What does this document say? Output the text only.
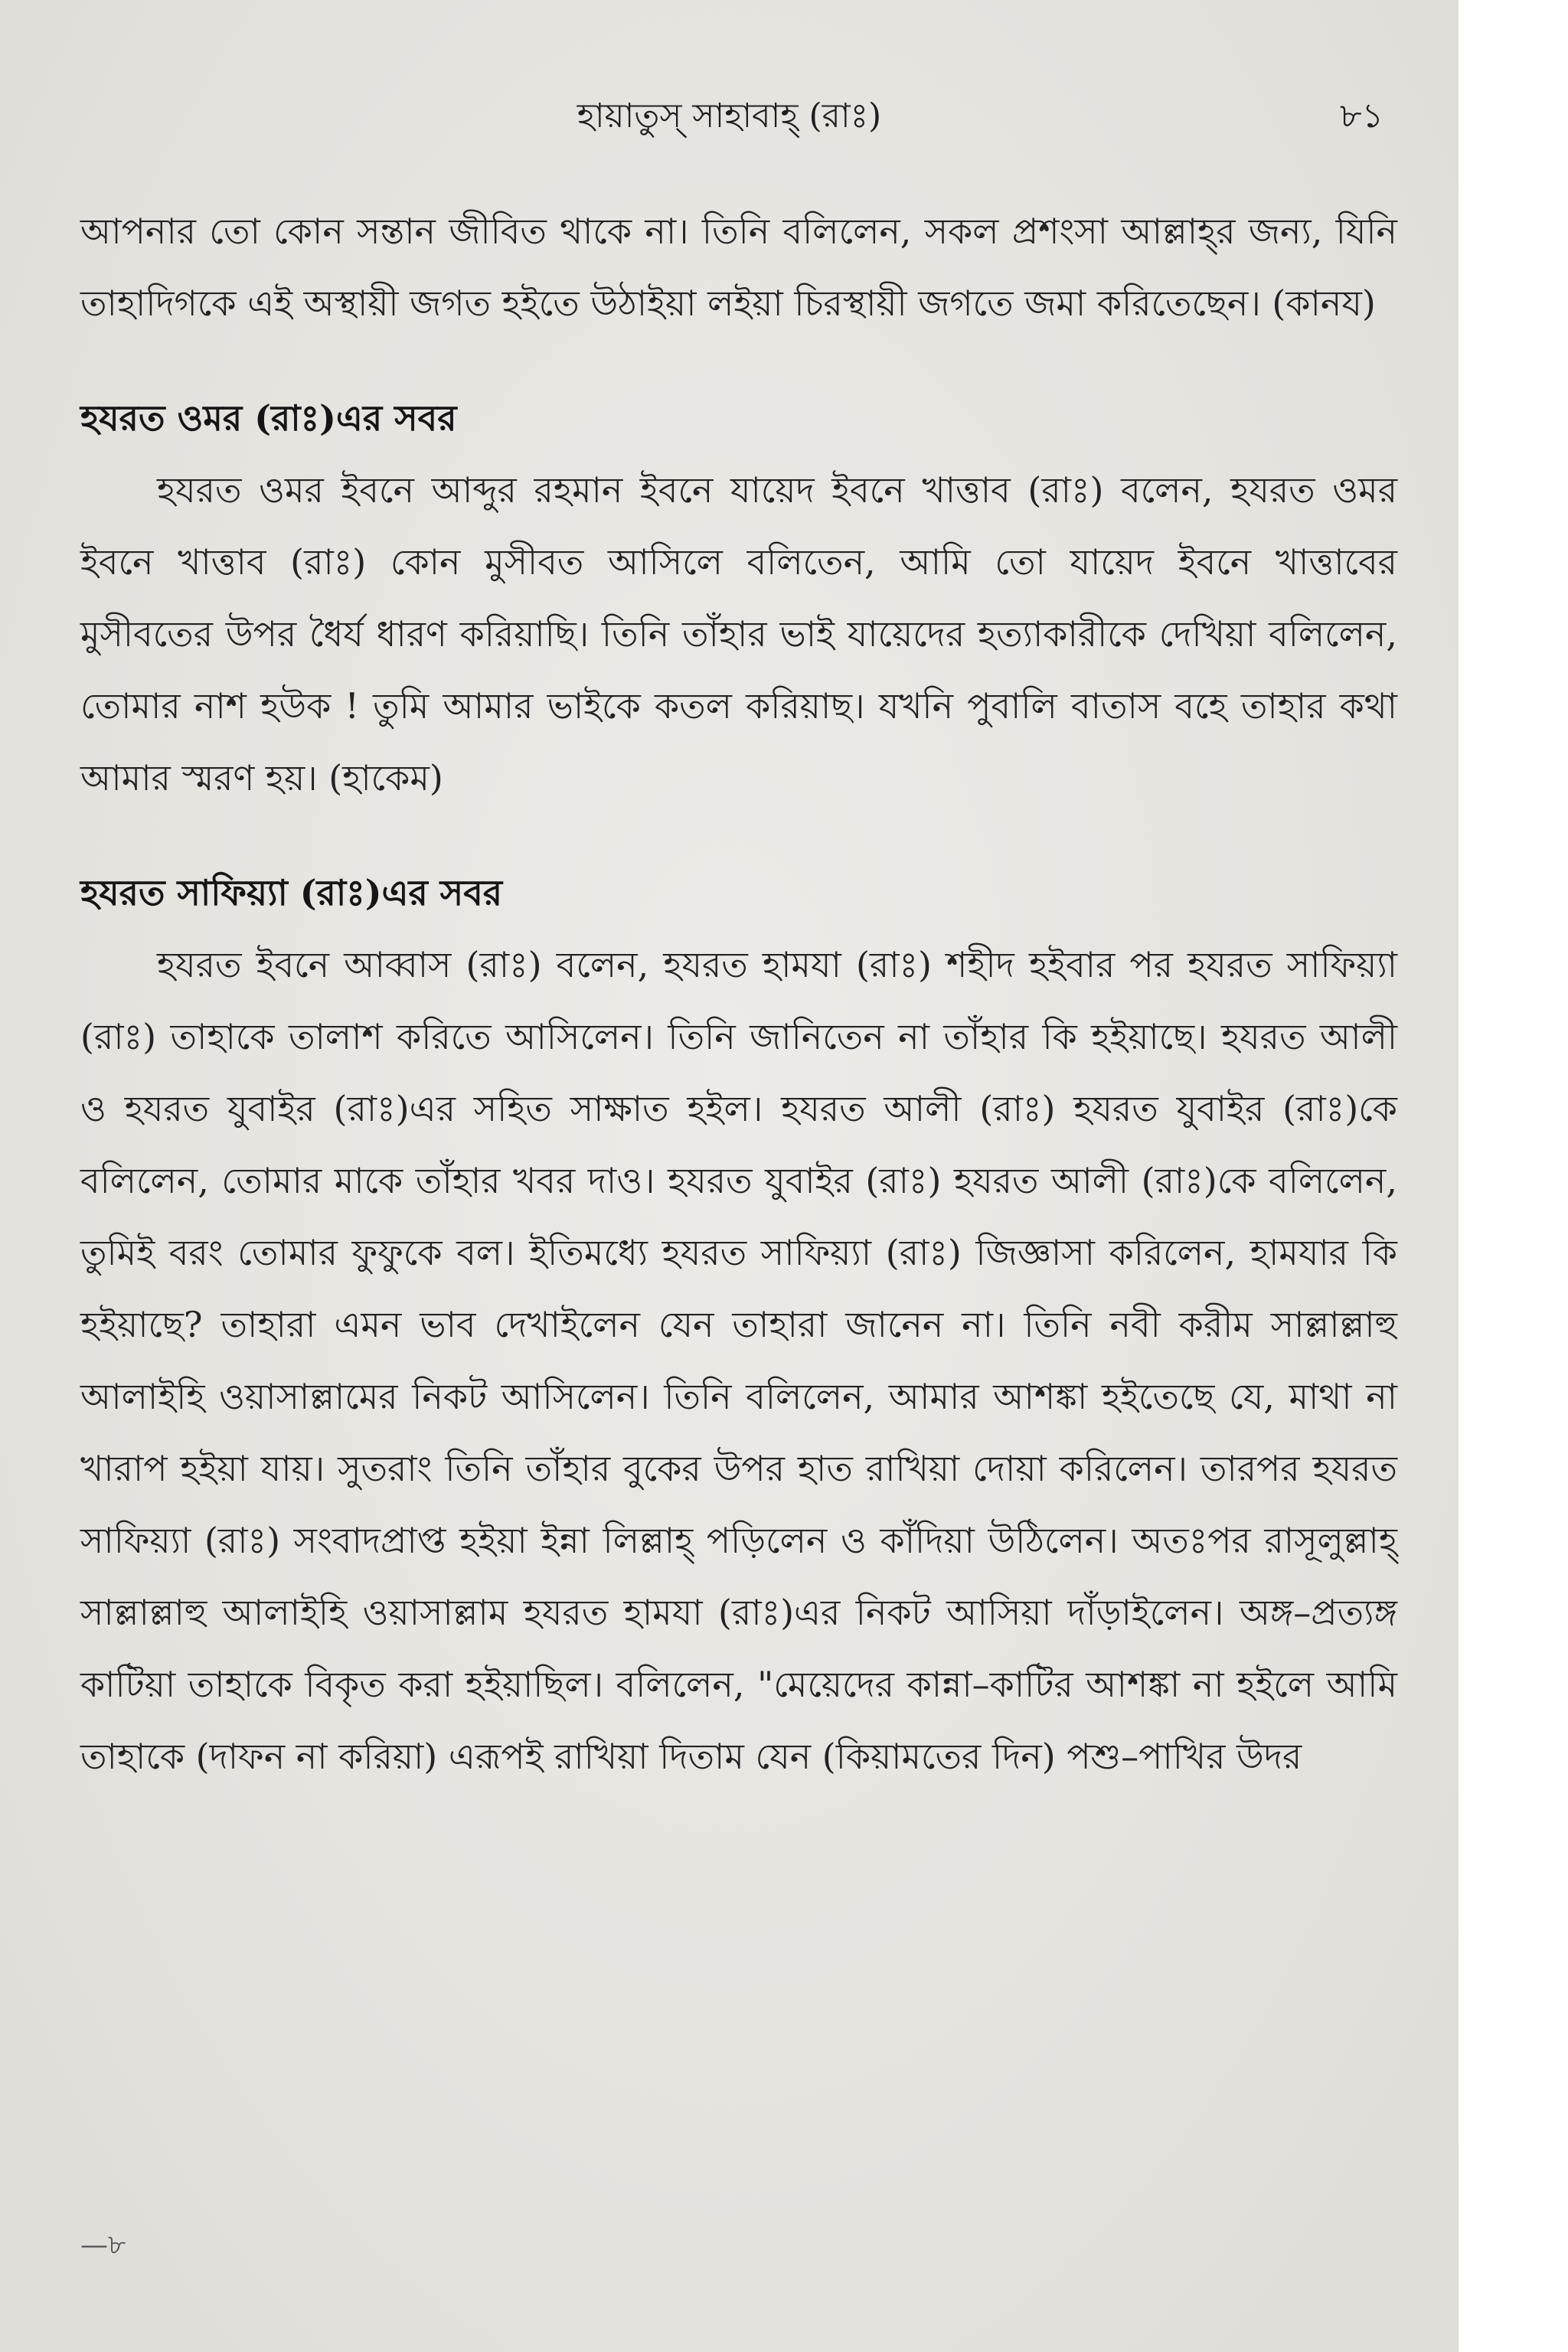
হায়াতুস্ সাহাবাহ্ (রাঃ)	৮১

আপনার তো কোন সন্তান জীবিত থাকে না। তিনি বলিলেন, সকল প্রশংসা আল্লাহ্‌র জন্য, যিনি তাহাদিগকে এই অস্থায়ী জগত হইতে উঠাইয়া লইয়া চিরস্থায়ী জগতে জমা করিতেছেন। (কানয)

হযরত ওমর (রাঃ)এর সবর

হযরত ওমর ইবনে আব্দুর রহমান ইবনে যায়েদ ইবনে খাত্তাব (রাঃ) বলেন, হযরত ওমর ইবনে খাত্তাব (রাঃ) কোন মুসীবত আসিলে বলিতেন, আমি তো যায়েদ ইবনে খাত্তাবের মুসীবতের উপর ধৈর্য ধারণ করিয়াছি। তিনি তাঁহার ভাই যায়েদের হত্যাকারীকে দেখিয়া বলিলেন, তোমার নাশ হউক ! তুমি আমার ভাইকে কতল করিয়াছ। যখনি পুবালি বাতাস বহে তাহার কথা আমার স্মরণ হয়। (হাকেম)

হযরত সাফিয়্যা (রাঃ)এর সবর

হযরত ইবনে আব্বাস (রাঃ) বলেন, হযরত হামযা (রাঃ) শহীদ হইবার পর হযরত সাফিয়্যা (রাঃ) তাহাকে তালাশ করিতে আসিলেন। তিনি জানিতেন না তাঁহার কি হইয়াছে। হযরত আলী ও হযরত যুবাইর (রাঃ)এর সহিত সাক্ষাত হইল। হযরত আলী (রাঃ) হযরত যুবাইর (রাঃ)কে বলিলেন, তোমার মাকে তাঁহার খবর দাও। হযরত যুবাইর (রাঃ) হযরত আলী (রাঃ)কে বলিলেন, তুমিই বরং তোমার ফুফুকে বল। ইতিমধ্যে হযরত সাফিয়্যা (রাঃ) জিজ্ঞাসা করিলেন, হামযার কি হইয়াছে? তাহারা এমন ভাব দেখাইলেন যেন তাহারা জানেন না। তিনি নবী করীম সাল্লাল্লাহু আলাইহি ওয়াসাল্লামের নিকট আসিলেন। তিনি বলিলেন, আমার আশঙ্কা হইতেছে যে, মাথা না খারাপ হইয়া যায়। সুতরাং তিনি তাঁহার বুকের উপর হাত রাখিয়া দোয়া করিলেন। তারপর হযরত সাফিয়্যা (রাঃ) সংবাদপ্রাপ্ত হইয়া ইন্না লিল্লাহ্ পড়িলেন ও কাঁদিয়া উঠিলেন। অতঃপর রাসূলুল্লাহ্ সাল্লাল্লাহু আলাইহি ওয়াসাল্লাম হযরত হামযা (রাঃ)এর নিকট আসিয়া দাঁড়াইলেন। অঙ্গ–প্রত্যঙ্গ কাটিয়া তাহাকে বিকৃত করা হইয়াছিল। বলিলেন, "মেয়েদের কান্না–কাটির আশঙ্কা না হইলে আমি তাহাকে (দাফন না করিয়া) এরূপই রাখিয়া দিতাম যেন (কিয়ামতের দিন) পশু–পাখির উদর

—৮
